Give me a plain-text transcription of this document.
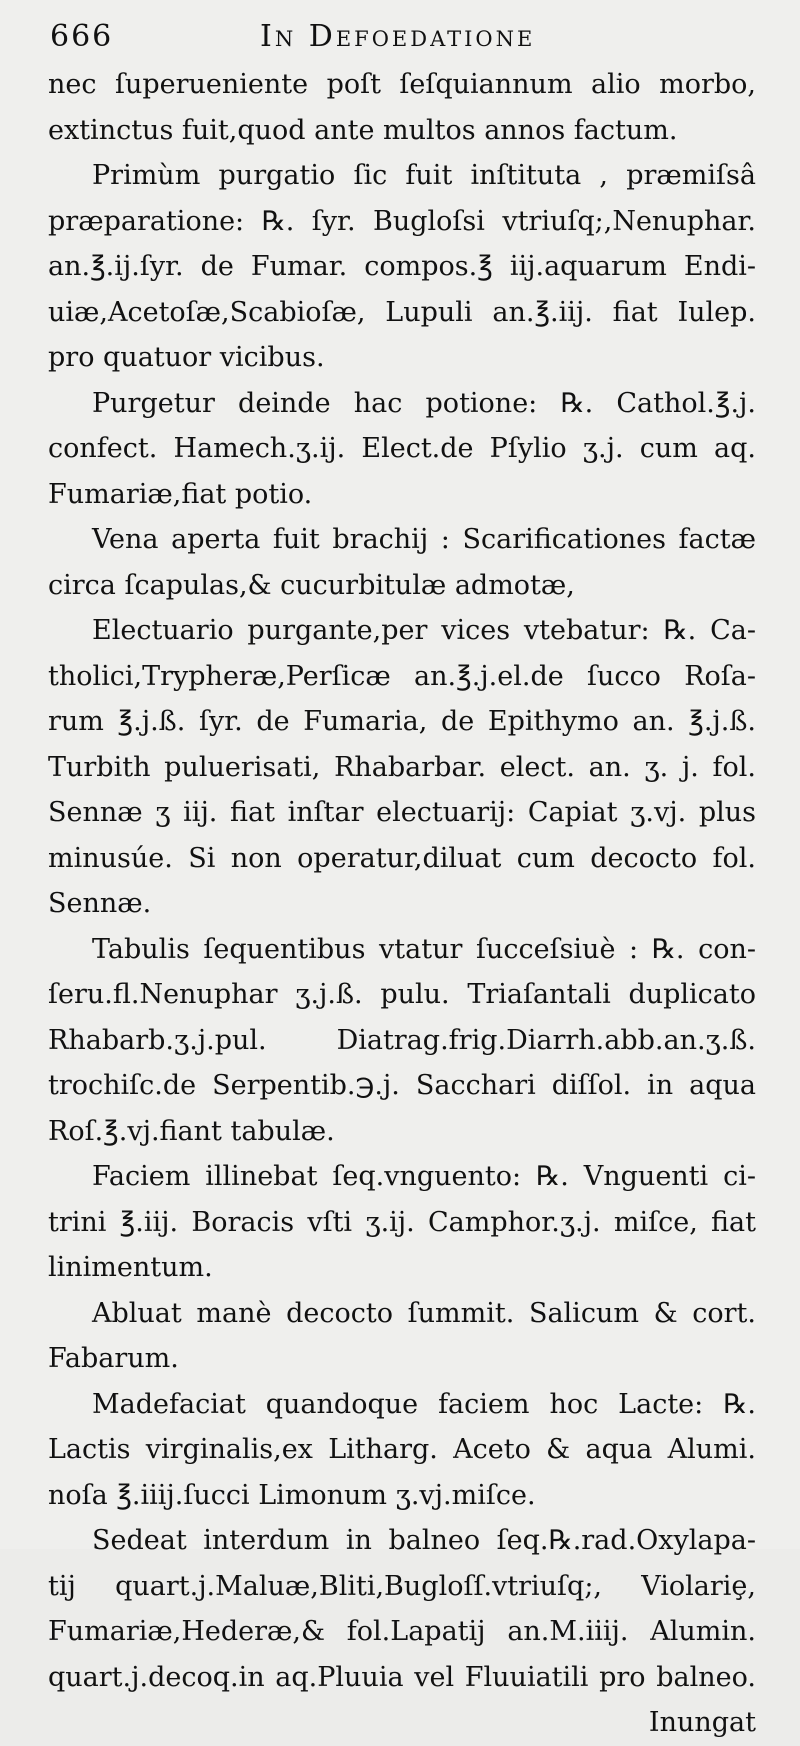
666	In Defoedatione
nec ſuperueniente poſt ſeſquiannum alio morbo,
extinctus fuit,quod ante multos annos factum.
Primùm purgatio ſic fuit inſtituta , præmiſsâ
præparatione: ℞. ſyr. Bugloſsi vtriuſq;,Nenuphar.
an.℥.ij.ſyr. de Fumar. compos.℥ iij.aquarum Endi-
uiæ,Acetoſæ,Scabioſæ, Lupuli an.℥.iij. fiat Iulep.
pro quatuor vicibus.
Purgetur deinde hac potione: ℞. Cathol.℥.j.
confect. Hamech.ʒ.ij. Elect.de Pſylio ʒ.j. cum aq.
Fumariæ,fiat potio.
Vena aperta fuit brachij : Scarificationes factæ
circa ſcapulas,& cucurbitulæ admotæ,
Electuario purgante,per vices vtebatur: ℞. Ca-
tholici,Trypheræ,Perſicæ an.℥.j.el.de ſucco Roſa-
rum ℥.j.ß. ſyr. de Fumaria, de Epithymo an. ℥.j.ß.
Turbith puluerisati, Rhabarbar. elect. an. ʒ. j. fol.
Sennæ ʒ iij. fiat inſtar electuarij: Capiat ʒ.vj. plus
minusúe. Si non operatur,diluat cum decocto fol.
Sennæ.
Tabulis ſequentibus vtatur ſucceſsiuè : ℞. con-
ſeru.fl.Nenuphar ʒ.j.ß. pulu. Triaſantali duplicato
Rhabarb.ʒ.j.pul. Diatrag.frig.Diarrh.abb.an.ʒ.ß.
trochiſc.de Serpentib.℈.j. Sacchari diſſol. in aqua
Roſ.℥.vj.fiant tabulæ.
Faciem illinebat ſeq.vnguento: ℞. Vnguenti ci-
trini ℥.iij. Boracis vſti ʒ.ij. Camphor.ʒ.j. miſce, fiat
linimentum.
Abluat manè decocto ſummit. Salicum & cort.
Fabarum.
Madefaciat quandoque faciem hoc Lacte: ℞.
Lactis virginalis,ex Litharg. Aceto & aqua Alumi.
noſa ℥.iiij.ſucci Limonum ʒ.vj.miſce.
Sedeat interdum in balneo ſeq.℞.rad.Oxylapa-
tij quart.j.Maluæ,Bliti,Bugloſſ.vtriuſq;, Violariȩ,
Fumariæ,Hederæ,& fol.Lapatij an.M.iiij. Alumin.
quart.j.decoq.in aq.Pluuia vel Fluuiatili pro balneo.
Inungat
